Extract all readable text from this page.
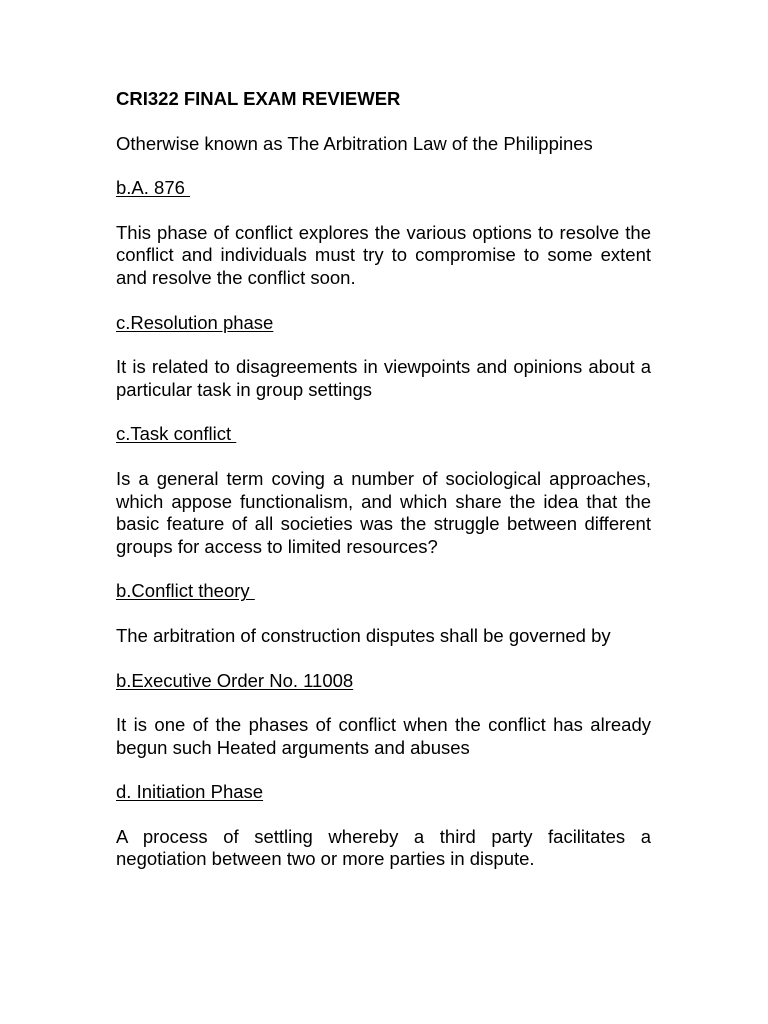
CRI322 FINAL EXAM REVIEWER

Otherwise known as The Arbitration Law of the Philippines

b.A. 876

This phase of conflict explores the various options to resolve the conflict and individuals must try to compromise to some extent and resolve the conflict soon.

c.Resolution phase

It is related to disagreements in viewpoints and opinions about a particular task in group settings

c.Task conflict

Is a general term coving a number of sociological approaches, which appose functionalism, and which share the idea that the basic feature of all societies was the struggle between different groups for access to limited resources?

b.Conflict theory

The arbitration of construction disputes shall be governed by

b.Executive Order No. 11008

It is one of the phases of conflict when the conflict has already begun such Heated arguments and abuses

d. Initiation Phase

A process of settling whereby a third party facilitates a negotiation between two or more parties in dispute.
